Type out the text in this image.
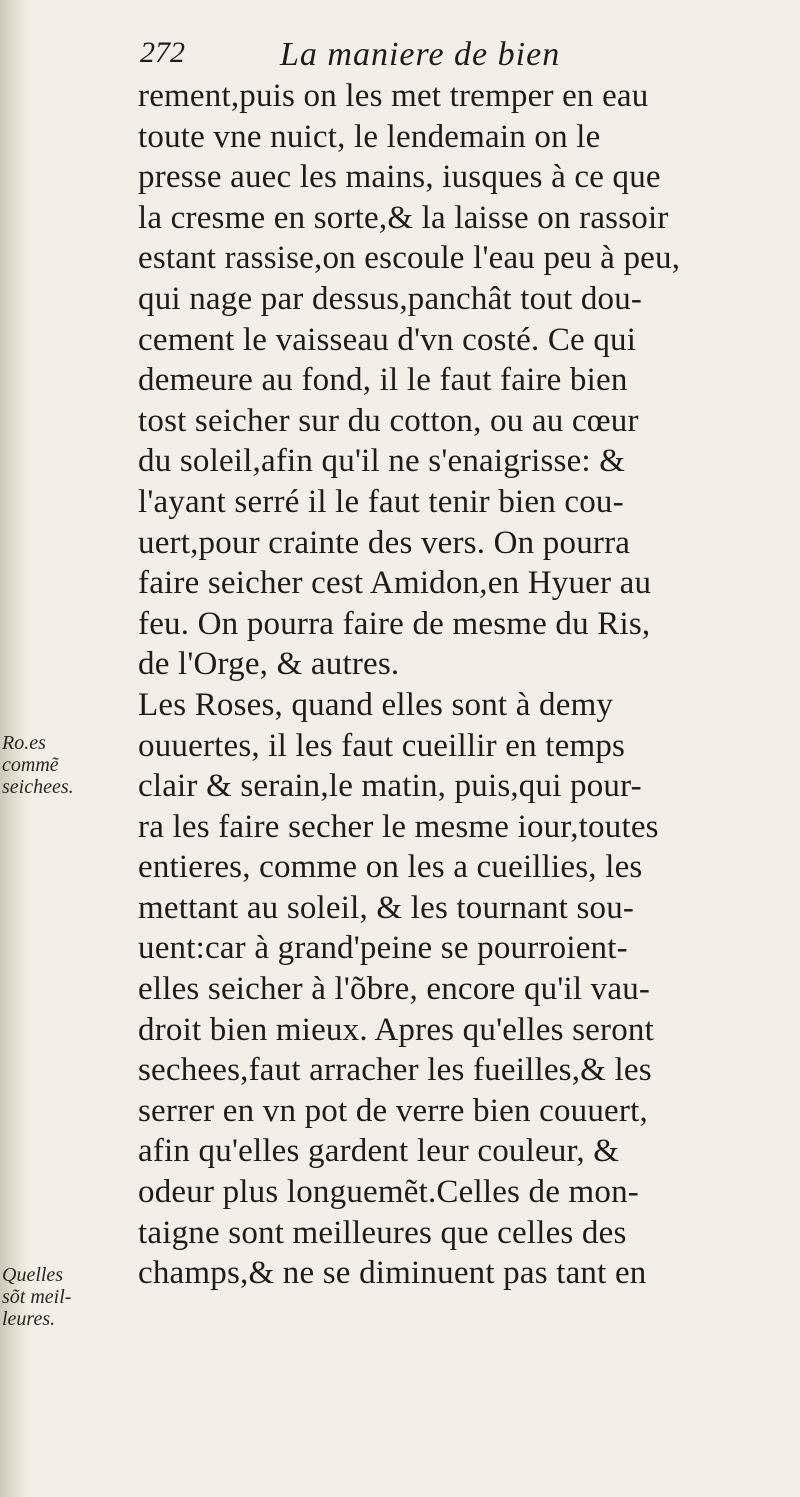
272	La maniere de bien
Ro.es
commẽ
seichees.
Quelles
sõt meil-
leures.
rement,puis on les met tremper en eau
toute vne nuict, le lendemain on le
presse auec les mains, iusques à ce que
la cresme en sorte,& la laisse on rassoir
estant rassise,on escoule l'eau peu à peu,
qui nage par dessus,panchât tout dou-
cement le vaisseau d'vn costé. Ce qui
demeure au fond, il le faut faire bien
tost seicher sur du cotton, ou au cœur
du soleil,afin qu'il ne s'enaigrisse: &
l'ayant serré il le faut tenir bien cou-
uert,pour crainte des vers. On pourra
faire seicher cest Amidon,en Hyuer au
feu. On pourra faire de mesme du Ris,
de l'Orge, & autres.
Les Roses, quand elles sont à demy
ouuertes, il les faut cueillir en temps
clair & serain,le matin, puis,qui pour-
ra les faire secher le mesme iour,toutes
entieres, comme on les a cueillies, les
mettant au soleil, & les tournant sou-
uent:car à grand'peine se pourroient-
elles seicher à l'õbre, encore qu'il vau-
droit bien mieux. Apres qu'elles seront
sechees,faut arracher les fueilles,& les
serrer en vn pot de verre bien couuert,
afin qu'elles gardent leur couleur, &
odeur plus longuemẽt.Celles de mon-
taigne sont meilleures que celles des
champs,& ne se diminuent pas tant en
